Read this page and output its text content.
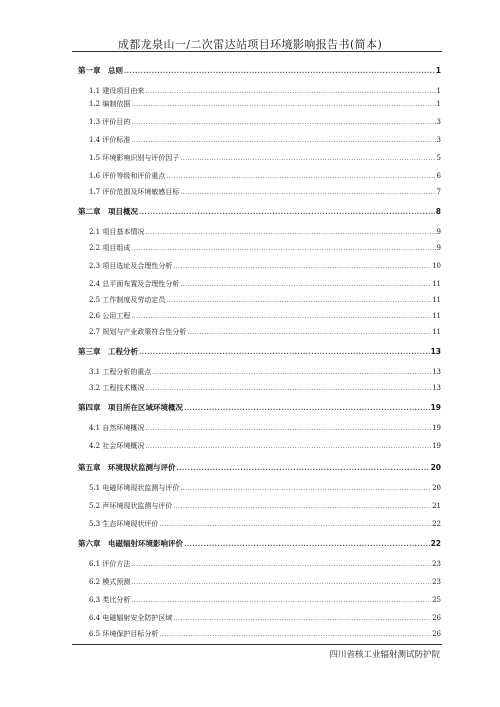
成都龙泉山一/二次雷达站项目环境影响报告书(简本)
第一章　总则 .....	1
1.1 建设项目由来 .....	1
1.2 编制依据 .....	1
1.3 评价目的 .....	3
1.4 评价标准 .....	3
1.5 环境影响识别与评价因子 .....	5
1.6 评价等级和评价重点 .....	6
1.7 评价范围及环境敏感目标 .....	7
第二章　项目概况 .....	8
2.1 项目基本情况 .....	9
2.2 项目组成 .....	9
2.3 项目选址及合理性分析 .....	10
2.4 总平面布置及合理性分析 .....	11
2.5 工作制度及劳动定员 .....	11
2.6 公用工程 .....	11
2.7 规划与产业政策符合性分析 .....	11
第三章　工程分析 .....	13
3.1 工程分析的重点 .....	13
3.2 工程技术概况 .....	13
第四章　项目所在区域环境概况 .....	19
4.1 自然环境概况 .....	19
4.2 社会环境概况 .....	19
第五章　环境现状监测与评价 .....	20
5.1 电磁环境现状监测与评价 .....	20
5.2 声环境现状监测与评价 .....	21
5.3 生态环境现状评价 .....	22
第六章　电磁辐射环境影响评价 .....	22
6.1 评价方法 .....	23
6.2 模式预测 .....	23
6.3 类比分析 .....	25
6.4 电磁辐射安全防护区域 .....	26
6.5 环境保护目标分析 .....	26
四川省核工业辐射测试防护院
